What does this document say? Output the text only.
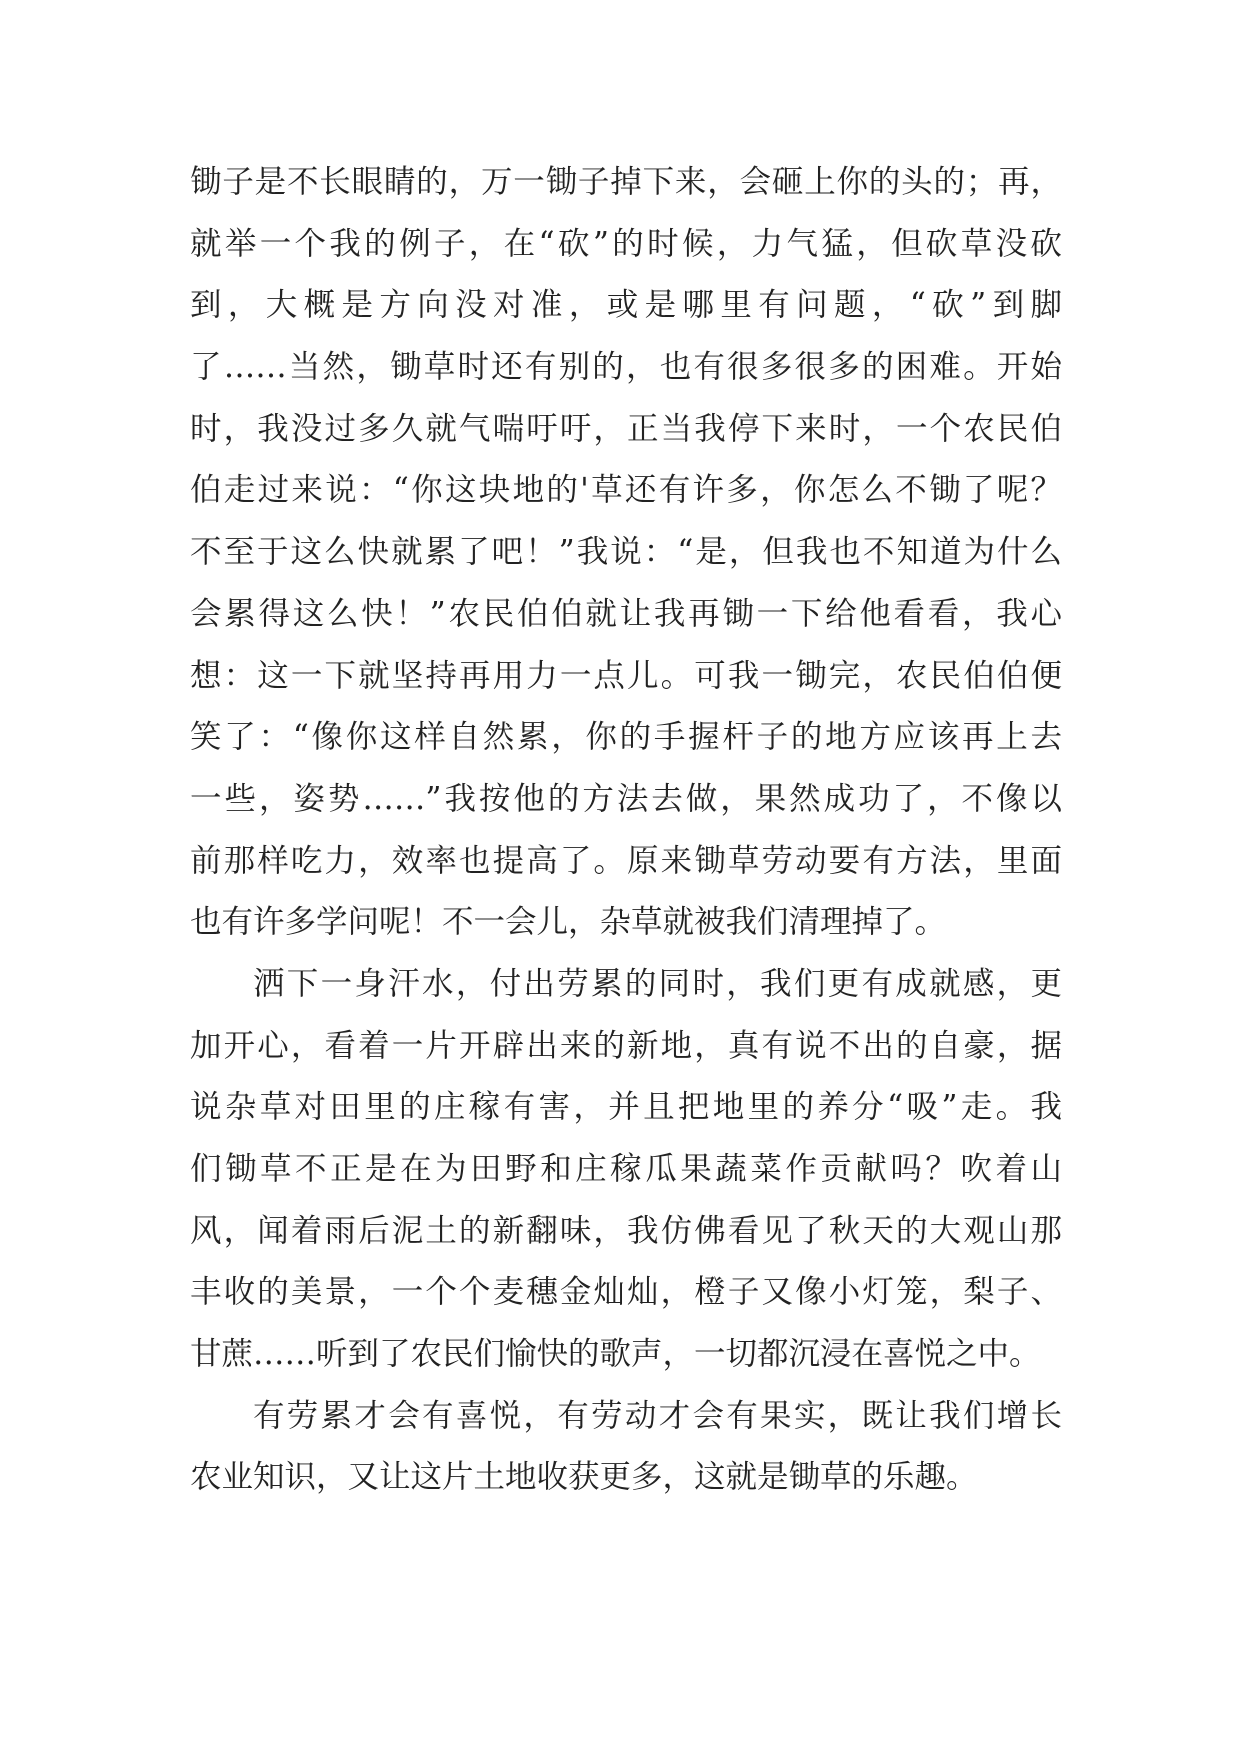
锄子是不长眼睛的，万一锄子掉下来，会砸上你的头的；再，
就举一个我的例子，在“砍”的时候，力气猛，但砍草没砍
到，大概是方向没对准，或是哪里有问题，“砍”到脚
了……当然，锄草时还有别的，也有很多很多的困难。开始
时，我没过多久就气喘吁吁，正当我停下来时，一个农民伯
伯走过来说：“你这块地的'草还有许多，你怎么不锄了呢？
不至于这么快就累了吧！”我说：“是，但我也不知道为什么
会累得这么快！”农民伯伯就让我再锄一下给他看看，我心
想：这一下就坚持再用力一点儿。可我一锄完，农民伯伯便
笑了：“像你这样自然累，你的手握杆子的地方应该再上去
一些，姿势……”我按他的方法去做，果然成功了，不像以
前那样吃力，效率也提高了。原来锄草劳动要有方法，里面
也有许多学问呢！不一会儿，杂草就被我们清理掉了。
洒下一身汗水，付出劳累的同时，我们更有成就感，更
加开心，看着一片开辟出来的新地，真有说不出的自豪，据
说杂草对田里的庄稼有害，并且把地里的养分“吸”走。我
们锄草不正是在为田野和庄稼瓜果蔬菜作贡献吗？吹着山
风，闻着雨后泥土的新翻味，我仿佛看见了秋天的大观山那
丰收的美景，一个个麦穗金灿灿，橙子又像小灯笼，梨子、
甘蔗……听到了农民们愉快的歌声，一切都沉浸在喜悦之中。
有劳累才会有喜悦，有劳动才会有果实，既让我们增长
农业知识，又让这片土地收获更多，这就是锄草的乐趣。
